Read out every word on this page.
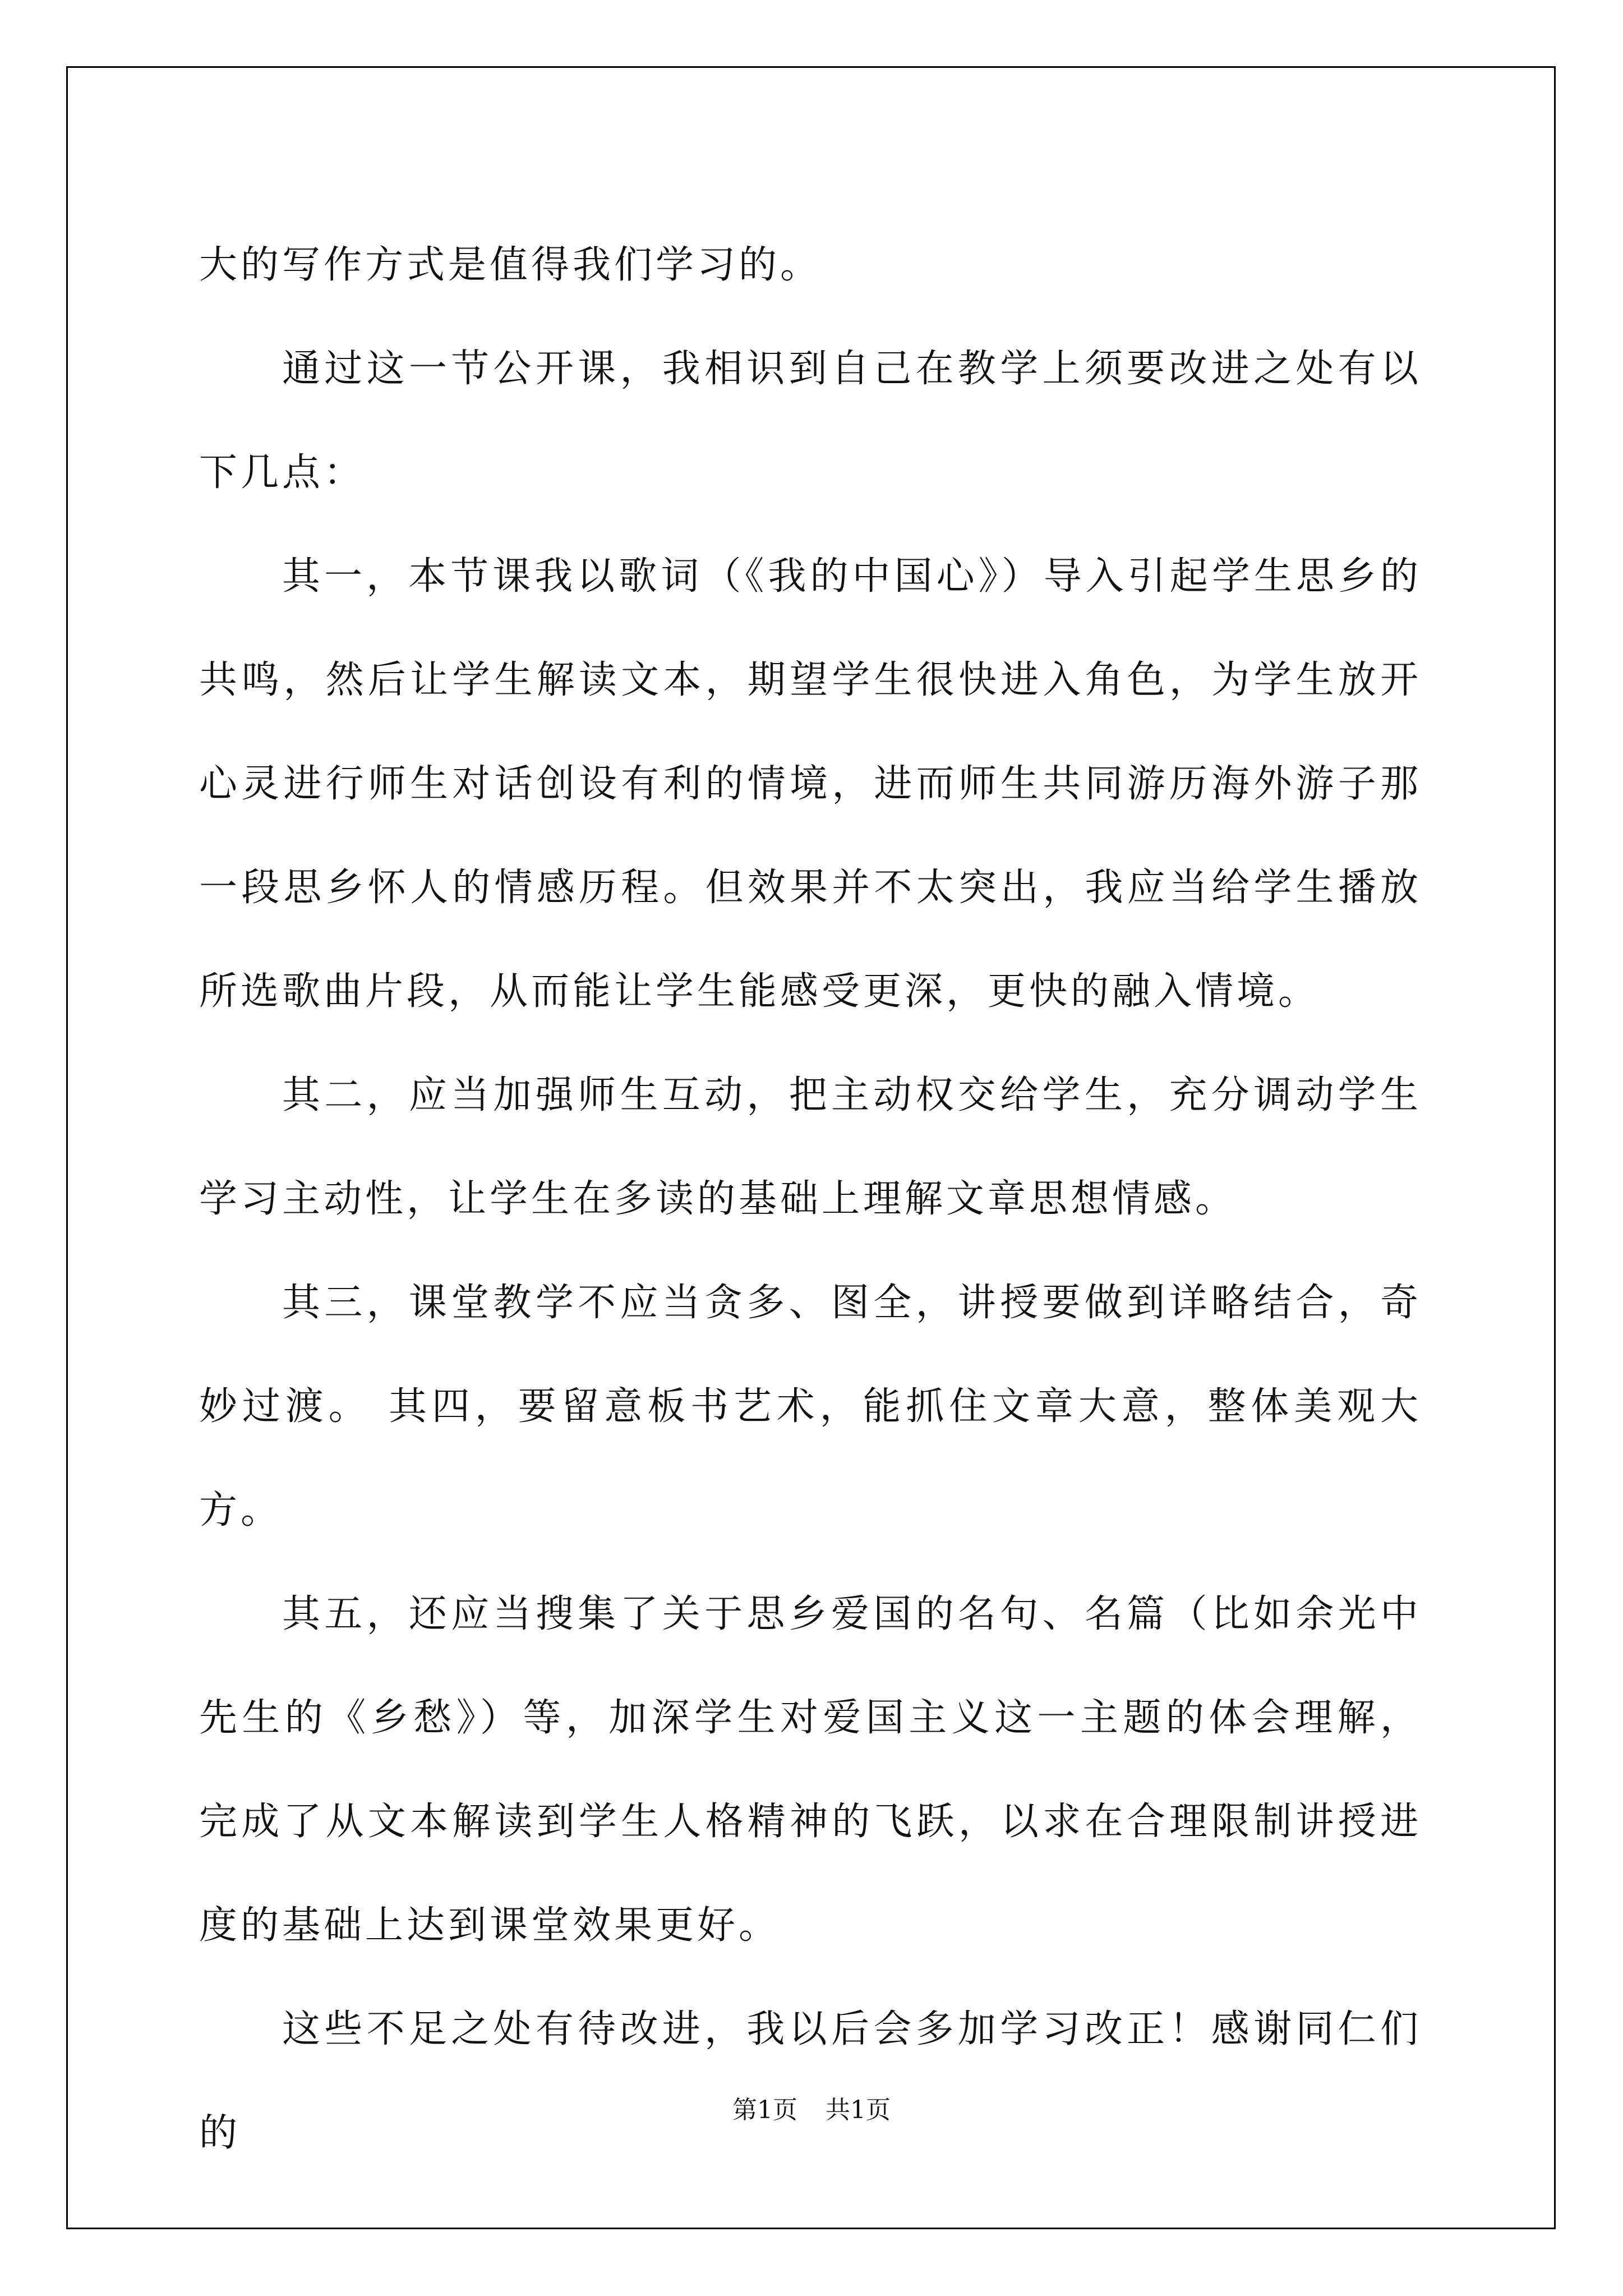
大的写作方式是值得我们学习的。

通过这一节公开课，我相识到自己在教学上须要改进之处有以下几点：

其一，本节课我以歌词（《我的中国心》）导入引起学生思乡的共鸣，然后让学生解读文本，期望学生很快进入角色，为学生放开心灵进行师生对话创设有利的情境，进而师生共同游历海外游子那一段思乡怀人的情感历程。但效果并不太突出，我应当给学生播放所选歌曲片段，从而能让学生能感受更深，更快的融入情境。

其二，应当加强师生互动，把主动权交给学生，充分调动学生学习主动性，让学生在多读的基础上理解文章思想情感。

其三，课堂教学不应当贪多、图全，讲授要做到详略结合，奇妙过渡。 其四，要留意板书艺术，能抓住文章大意，整体美观大方。

其五，还应当搜集了关于思乡爱国的名句、名篇（比如余光中先生的《乡愁》）等，加深学生对爱国主义这一主题的体会理解，完成了从文本解读到学生人格精神的飞跃，以求在合理限制讲授进度的基础上达到课堂效果更好。

这些不足之处有待改进，我以后会多加学习改正！感谢同仁们的

第1页 共1页
